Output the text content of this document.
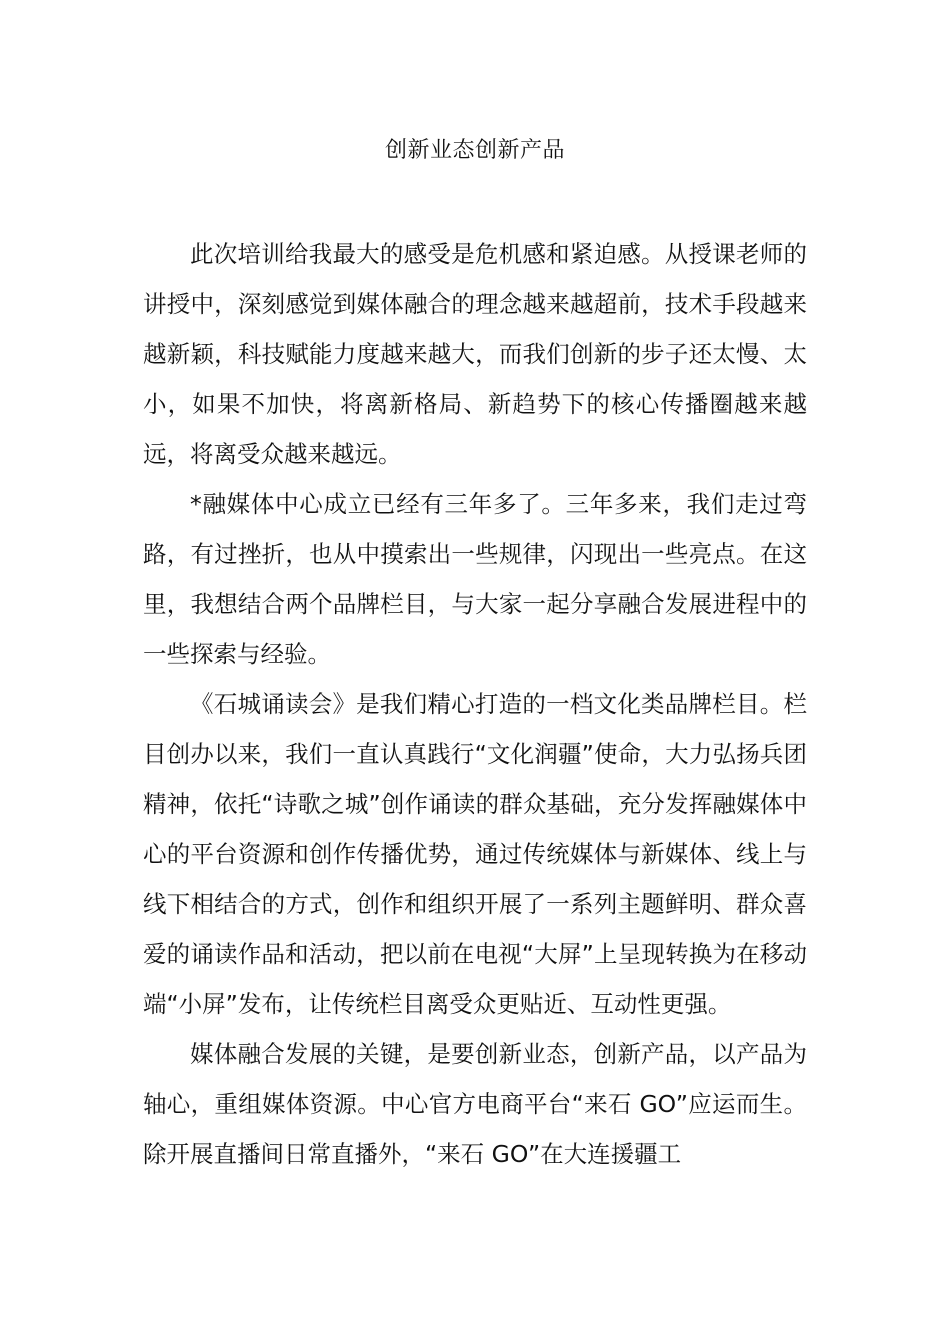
创新业态创新产品

此次培训给我最大的感受是危机感和紧迫感。从授课老师的讲授中，深刻感觉到媒体融合的理念越来越超前，技术手段越来越新颖，科技赋能力度越来越大，而我们创新的步子还太慢、太小，如果不加快，将离新格局、新趋势下的核心传播圈越来越远，将离受众越来越远。

*融媒体中心成立已经有三年多了。三年多来，我们走过弯路，有过挫折，也从中摸索出一些规律，闪现出一些亮点。在这里，我想结合两个品牌栏目，与大家一起分享融合发展进程中的一些探索与经验。

《石城诵读会》是我们精心打造的一档文化类品牌栏目。栏目创办以来，我们一直认真践行“文化润疆”使命，大力弘扬兵团精神，依托“诗歌之城”创作诵读的群众基础，充分发挥融媒体中心的平台资源和创作传播优势，通过传统媒体与新媒体、线上与线下相结合的方式，创作和组织开展了一系列主题鲜明、群众喜爱的诵读作品和活动，把以前在电视“大屏”上呈现转换为在移动端“小屏”发布，让传统栏目离受众更贴近、互动性更强。

媒体融合发展的关键，是要创新业态，创新产品，以产品为轴心，重组媒体资源。中心官方电商平台“来石 GO”应运而生。除开展直播间日常直播外，“来石 GO”在大连援疆工
